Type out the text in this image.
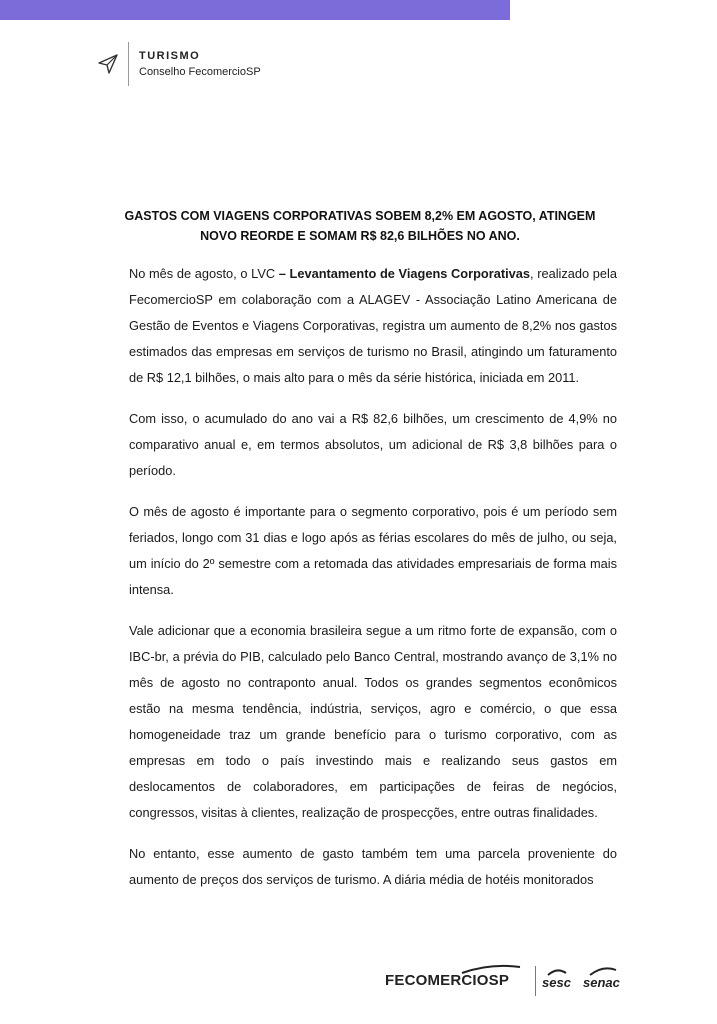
TURISMO
Conselho FecomercioSP
GASTOS COM VIAGENS CORPORATIVAS SOBEM 8,2% EM AGOSTO, ATINGEM
NOVO REORDE E SOMAM R$ 82,6 BILHÕES NO ANO.

No mês de agosto, o LVC – Levantamento de Viagens Corporativas, realizado pela FecomercioSP em colaboração com a ALAGEV - Associação Latino Americana de Gestão de Eventos e Viagens Corporativas, registra um aumento de 8,2% nos gastos estimados das empresas em serviços de turismo no Brasil, atingindo um faturamento de R$ 12,1 bilhões, o mais alto para o mês da série histórica, iniciada em 2011.

Com isso, o acumulado do ano vai a R$ 82,6 bilhões, um crescimento de 4,9% no comparativo anual e, em termos absolutos, um adicional de R$ 3,8 bilhões para o período.

O mês de agosto é importante para o segmento corporativo, pois é um período sem feriados, longo com 31 dias e logo após as férias escolares do mês de julho, ou seja, um início do 2º semestre com a retomada das atividades empresariais de forma mais intensa.

Vale adicionar que a economia brasileira segue a um ritmo forte de expansão, com o IBC-br, a prévia do PIB, calculado pelo Banco Central, mostrando avanço de 3,1% no mês de agosto no contraponto anual. Todos os grandes segmentos econômicos estão na mesma tendência, indústria, serviços, agro e comércio, o que essa homogeneidade traz um grande benefício para o turismo corporativo, com as empresas em todo o país investindo mais e realizando seus gastos em deslocamentos de colaboradores, em participações de feiras de negócios, congressos, visitas à clientes, realização de prospecções, entre outras finalidades.

No entanto, esse aumento de gasto também tem uma parcela proveniente do aumento de preços dos serviços de turismo. A diária média de hotéis monitorados

FECOMERCIOSP	sesc senac
